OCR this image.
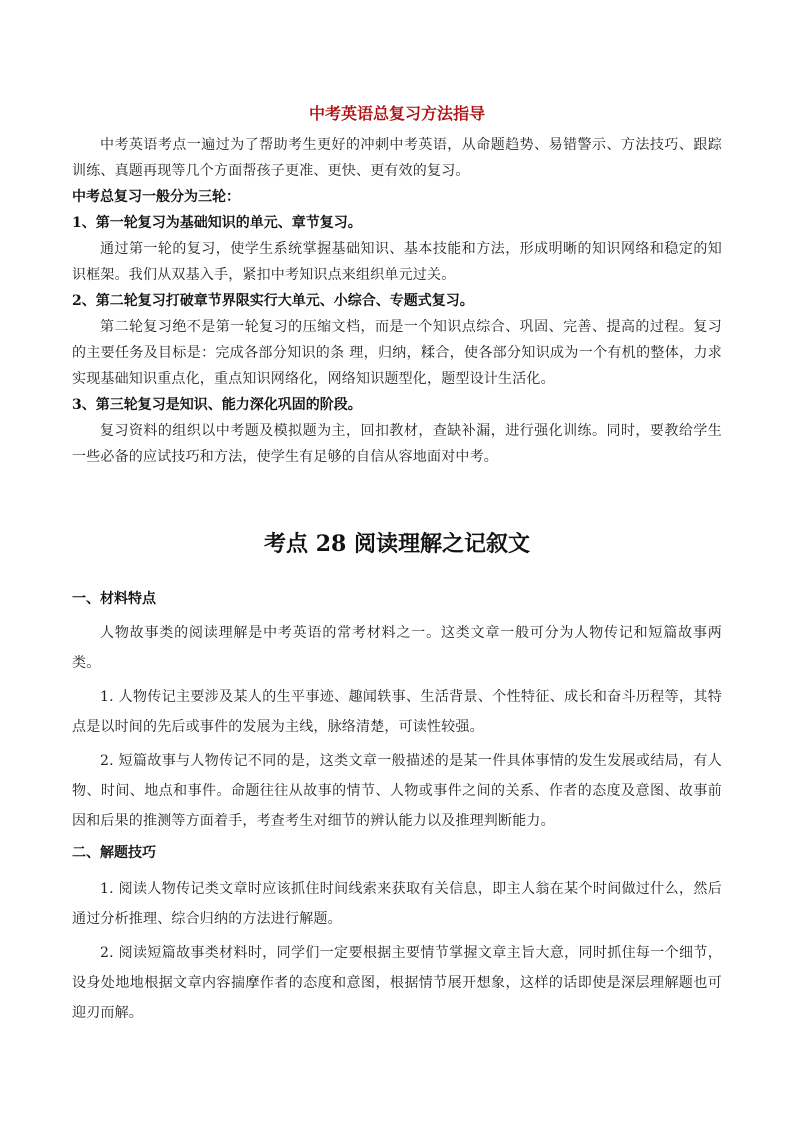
中考英语总复习方法指导

中考英语考点一遍过为了帮助考生更好的冲刺中考英语，从命题趋势、易错警示、方法技巧、跟踪训练、真题再现等几个方面帮孩子更准、更快、更有效的复习。

中考总复习一般分为三轮：

1、第一轮复习为基础知识的单元、章节复习。

通过第一轮的复习，使学生系统掌握基础知识、基本技能和方法，形成明晰的知识网络和稳定的知识框架。我们从双基入手，紧扣中考知识点来组织单元过关。

2、第二轮复习打破章节界限实行大单元、小综合、专题式复习。

第二轮复习绝不是第一轮复习的压缩文档，而是一个知识点综合、巩固、完善、提高的过程。复习的主要任务及目标是：完成各部分知识的条 理，归纳，糅合，使各部分知识成为一个有机的整体，力求实现基础知识重点化，重点知识网络化，网络知识题型化，题型设计生活化。

3、第三轮复习是知识、能力深化巩固的阶段。

复习资料的组织以中考题及模拟题为主，回扣教材，查缺补漏，进行强化训练。同时，要教给学生一些必备的应试技巧和方法，使学生有足够的自信从容地面对中考。

考点 28 阅读理解之记叙文

一、材料特点

人物故事类的阅读理解是中考英语的常考材料之一。这类文章一般可分为人物传记和短篇故事两类。

1. 人物传记主要涉及某人的生平事迹、趣闻轶事、生活背景、个性特征、成长和奋斗历程等，其特点是以时间的先后或事件的发展为主线，脉络清楚，可读性较强。

2. 短篇故事与人物传记不同的是，这类文章一般描述的是某一件具体事情的发生发展或结局，有人物、时间、地点和事件。命题往往从故事的情节、人物或事件之间的关系、作者的态度及意图、故事前因和后果的推测等方面着手，考查考生对细节的辨认能力以及推理判断能力。

二、解题技巧

1. 阅读人物传记类文章时应该抓住时间线索来获取有关信息，即主人翁在某个时间做过什么，然后通过分析推理、综合归纳的方法进行解题。

2. 阅读短篇故事类材料时，同学们一定要根据主要情节掌握文章主旨大意，同时抓住每一个细节，设身处地地根据文章内容揣摩作者的态度和意图，根据情节展开想象，这样的话即使是深层理解题也可迎刃而解。
